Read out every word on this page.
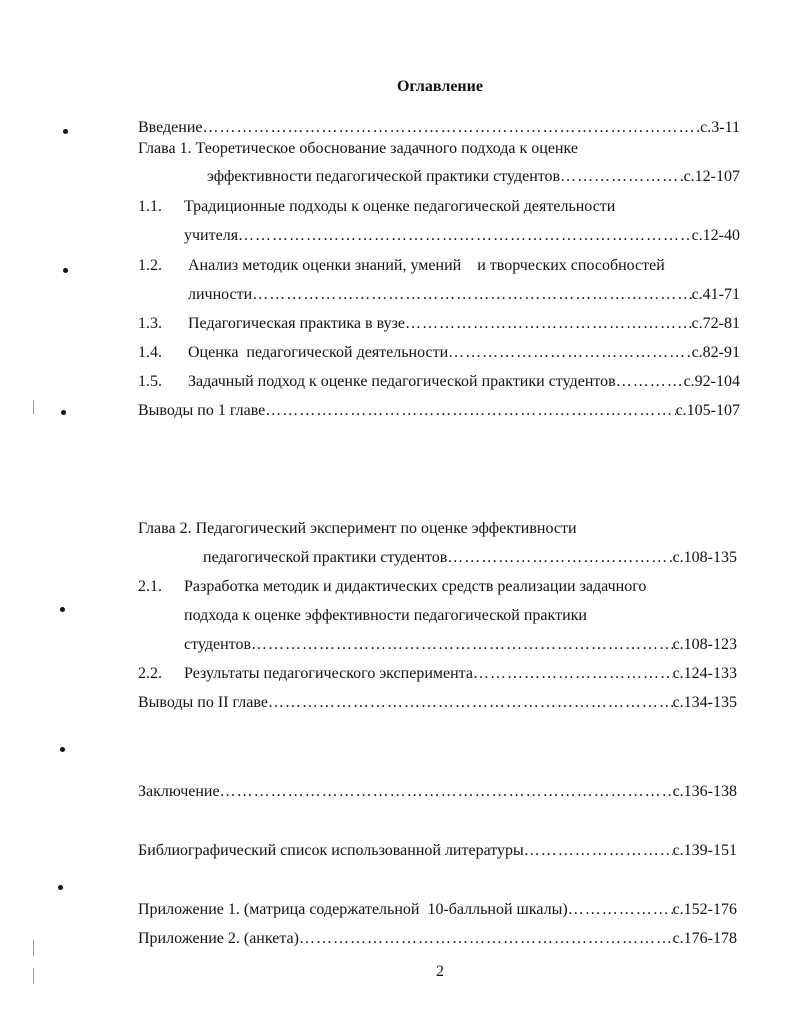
Оглавление
Введение ………………………………………………………………………………………………………………………………………………………………………………	с.3-11
Глава 1. Теоретическое обоснование задачного подхода к оценке
эффективности педагогической практики студентов ………………………………………………………………………………………………………………………………………………………………………………	с.12-107
1.1.	Традиционные подходы к оценке педагогической деятельности
учителя ………………………………………………………………………………………………………………………………………………………………………………	с.12-40
1.2.	Анализ методик оценки знаний, умений    и творческих способностей
личности ………………………………………………………………………………………………………………………………………………………………………………	с.41-71
1.3.	Педагогическая практика в вузе ………………………………………………………………………………………………………………………………………………………………………………	с.72-81
1.4.	Оценка  педагогической деятельности ………………………………………………………………………………………………………………………………………………………………………………	с.82-91
1.5.	Задачный подход к оценке педагогической практики студентов ………………………………………………………………………………………………………………………………………………………………………………	с.92-104
Выводы по 1 главе ………………………………………………………………………………………………………………………………………………………………………………	с.105-107
Глава 2. Педагогический эксперимент по оценке эффективности
педагогической практики студентов ………………………………………………………………………………………………………………………………………………………………………………	с.108-135
2.1.	Разработка методик и дидактических средств реализации задачного
подхода к оценке эффективности педагогической практики
студентов ………………………………………………………………………………………………………………………………………………………………………………	с.108-123
2.2.	Результаты педагогического эксперимента ………………………………………………………………………………………………………………………………………………………………………………	с.124-133
Выводы по II главе ………………………………………………………………………………………………………………………………………………………………………………	с.134-135
Заключение ………………………………………………………………………………………………………………………………………………………………………………	с.136-138
Библиографический список использованной литературы ………………………………………………………………………………………………………………………………………………………………………………	с.139-151
Приложение 1. (матрица содержательной  10-балльной шкалы) ………………………………………………………………………………………………………………………………………………………………………………	с.152-176
Приложение 2. (анкета) ………………………………………………………………………………………………………………………………………………………………………………	с.176-178
2
